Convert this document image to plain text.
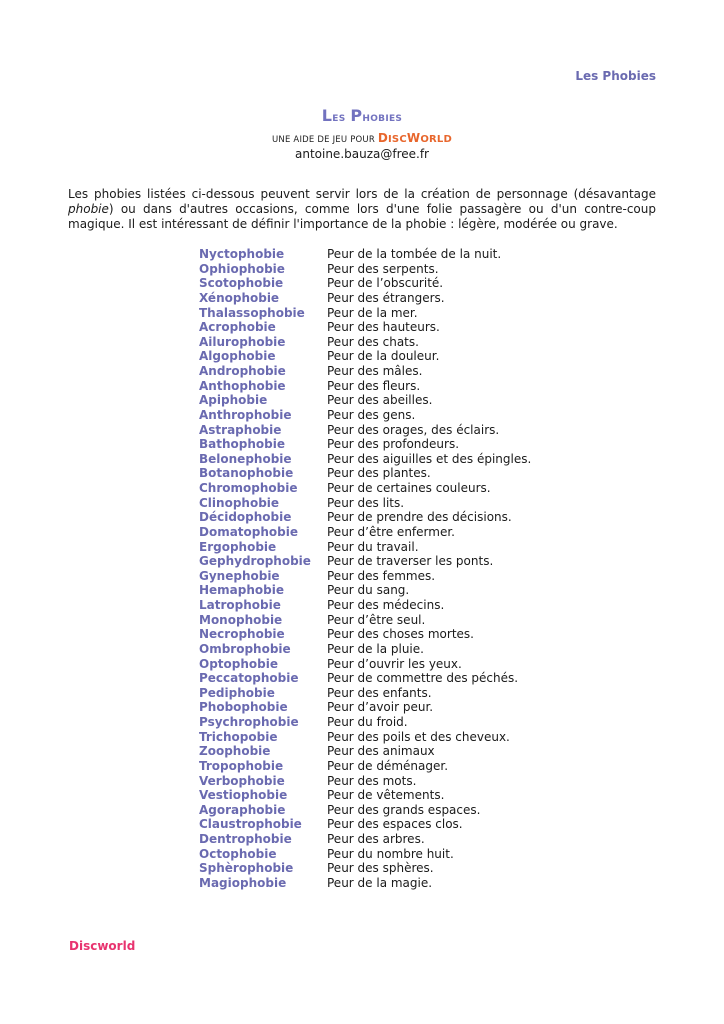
Les Phobies
Les Phobies
UNE AIDE DE JEU POUR DISCWORLD
antoine.bauza@free.fr
Les phobies listées ci-dessous peuvent servir lors de la création de personnage (désavantage phobie) ou dans d'autres occasions, comme lors d'une folie passagère ou d'un contre-coup magique. Il est intéressant de définir l'importance de la phobie : légère, modérée ou grave.
Nyctophobie	Peur de la tombée de la nuit.
Ophiophobie	Peur des serpents.
Scotophobie	Peur de l’obscurité.
Xénophobie	Peur des étrangers.
Thalassophobie	Peur de la mer.
Acrophobie	Peur des hauteurs.
Ailurophobie	Peur des chats.
Algophobie	Peur de la douleur.
Androphobie	Peur des mâles.
Anthophobie	Peur des fleurs.
Apiphobie	Peur des abeilles.
Anthrophobie	Peur des gens.
Astraphobie	Peur des orages, des éclairs.
Bathophobie	Peur des profondeurs.
Belonephobie	Peur des aiguilles et des épingles.
Botanophobie	Peur des plantes.
Chromophobie	Peur de certaines couleurs.
Clinophobie	Peur des lits.
Décidophobie	Peur de prendre des décisions.
Domatophobie	Peur d’être enfermer.
Ergophobie	Peur du travail.
Gephydrophobie	Peur de traverser les ponts.
Gynephobie	Peur des femmes.
Hemaphobie	Peur du sang.
Latrophobie	Peur des médecins.
Monophobie	Peur d’être seul.
Necrophobie	Peur des choses mortes.
Ombrophobie	Peur de la pluie.
Optophobie	Peur d’ouvrir les yeux.
Peccatophobie	Peur de commettre des péchés.
Pediphobie	Peur des enfants.
Phobophobie	Peur d’avoir peur.
Psychrophobie	Peur du froid.
Trichopobie	Peur des poils et des cheveux.
Zoophobie	Peur des animaux
Tropophobie	Peur de déménager.
Verbophobie	Peur des mots.
Vestiophobie	Peur de vêtements.
Agoraphobie	Peur des grands espaces.
Claustrophobie	Peur des espaces clos.
Dentrophobie	Peur des arbres.
Octophobie	Peur du nombre huit.
Sphèrophobie	Peur des sphères.
Magiophobie	Peur de la magie.
Discworld
